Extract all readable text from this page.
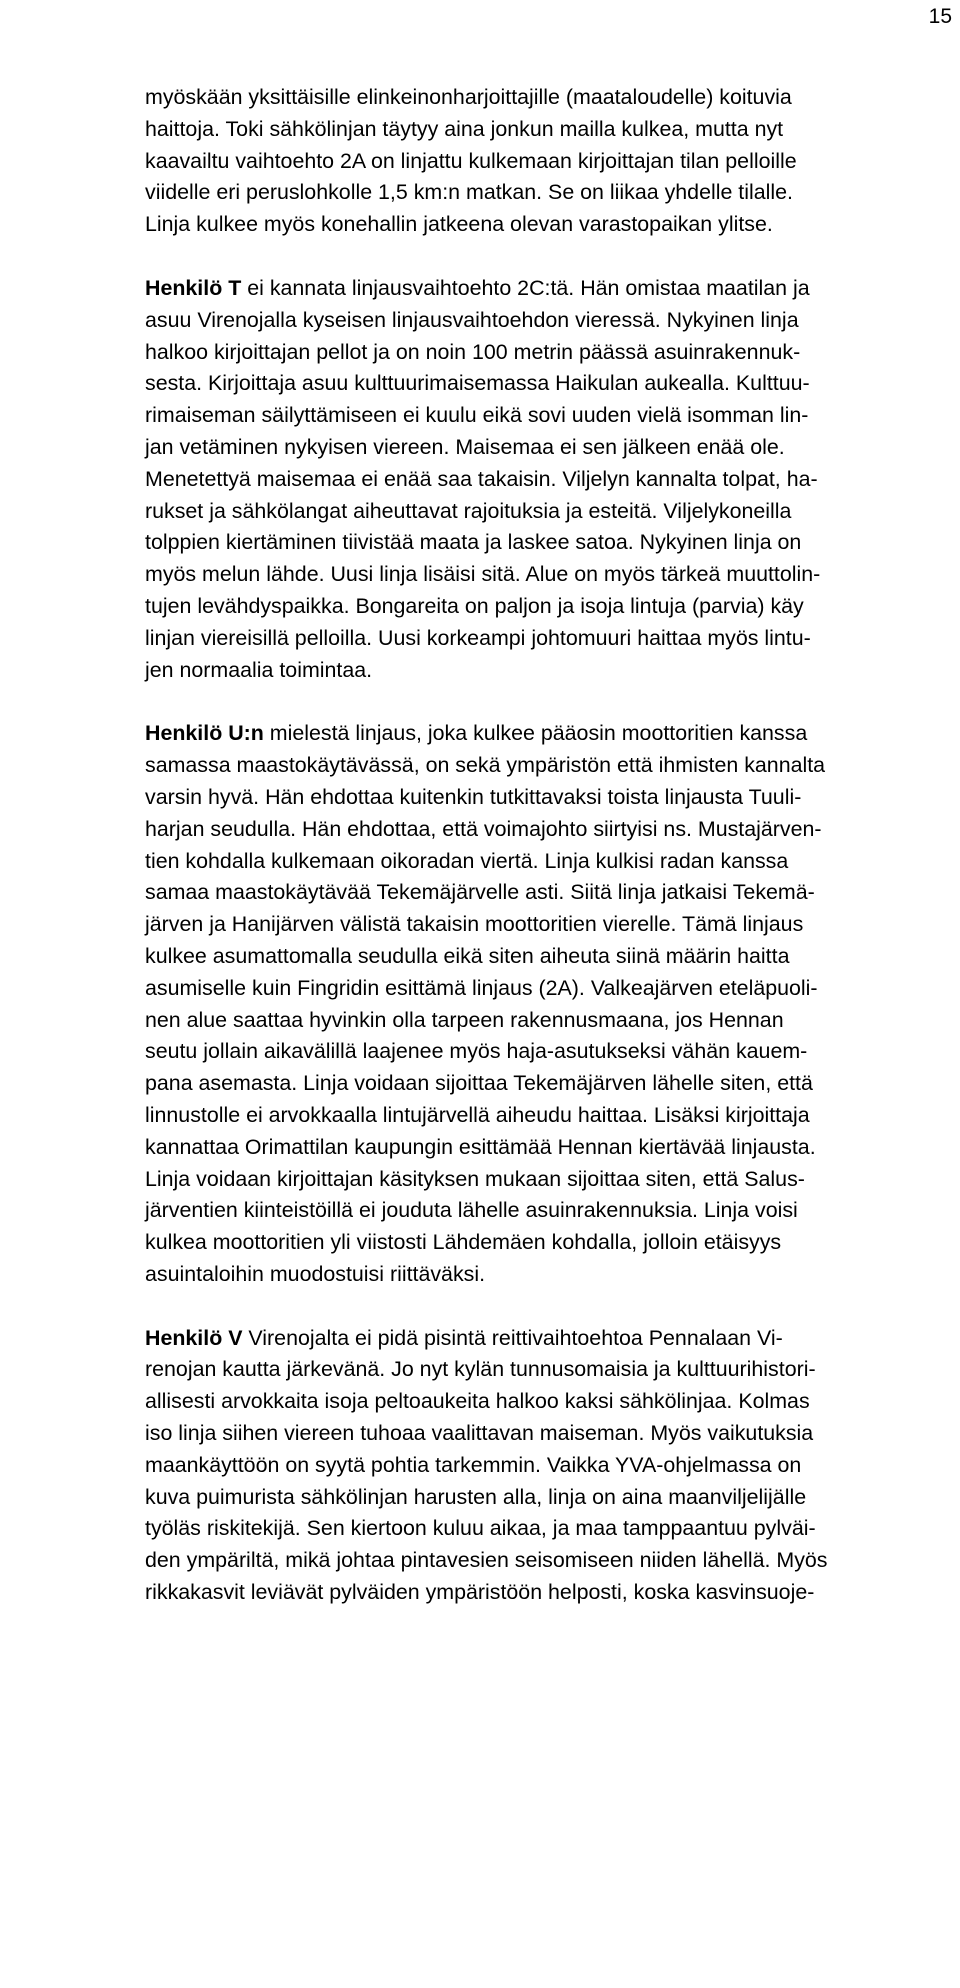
15

myöskään yksittäisille elinkeinonharjoittajille (maataloudelle) koituvia
haittoja. Toki sähkölinjan täytyy aina jonkun mailla kulkea, mutta nyt
kaavailtu vaihtoehto 2A on linjattu kulkemaan kirjoittajan tilan pelloille
viidelle eri peruslohkolle 1,5 km:n matkan. Se on liikaa yhdelle tilalle.
Linja kulkee myös konehallin jatkeena olevan varastopaikan ylitse.

Henkilö T ei kannata linjausvaihtoehto 2C:tä. Hän omistaa maatilan ja
asuu Virenojalla kyseisen linjausvaihtoehdon vieressä. Nykyinen linja
halkoo kirjoittajan pellot ja on noin 100 metrin päässä asuinrakennuk-
sesta. Kirjoittaja asuu kulttuurimaisemassa Haikulan aukealla. Kulttuu-
rimaiseman säilyttämiseen ei kuulu eikä sovi uuden vielä isomman lin-
jan vetäminen nykyisen viereen. Maisemaa ei sen jälkeen enää ole.
Menetettyä maisemaa ei enää saa takaisin. Viljelyn kannalta tolpat, ha-
rukset ja sähkölangat aiheuttavat rajoituksia ja esteitä. Viljelykoneilla
tolppien kiertäminen tiivistää maata ja laskee satoa. Nykyinen linja on
myös melun lähde. Uusi linja lisäisi sitä. Alue on myös tärkeä muuttolin-
tujen levähdyspaikka. Bongareita on paljon ja isoja lintuja (parvia) käy
linjan viereisillä pelloilla. Uusi korkeampi johtomuuri haittaa myös lintu-
jen normaalia toimintaa.

Henkilö U:n mielestä linjaus, joka kulkee pääosin moottoritien kanssa
samassa maastokäytävässä, on sekä ympäristön että ihmisten kannalta
varsin hyvä. Hän ehdottaa kuitenkin tutkittavaksi toista linjausta Tuuli-
harjan seudulla. Hän ehdottaa, että voimajohto siirtyisi ns. Mustajärven-
tien kohdalla kulkemaan oikoradan viertä. Linja kulkisi radan kanssa
samaa maastokäytävää Tekemäjärvelle asti. Siitä linja jatkaisi Tekemä-
järven ja Hanijärven välistä takaisin moottoritien vierelle. Tämä linjaus
kulkee asumattomalla seudulla eikä siten aiheuta siinä määrin haitta
asumiselle kuin Fingridin esittämä linjaus (2A). Valkeajärven eteläpuoli-
nen alue saattaa hyvinkin olla tarpeen rakennusmaana, jos Hennan
seutu jollain aikavälillä laajenee myös haja-asutukseksi vähän kauem-
pana asemasta. Linja voidaan sijoittaa Tekemäjärven lähelle siten, että
linnustolle ei arvokkaalla lintujärvellä aiheudu haittaa. Lisäksi kirjoittaja
kannattaa Orimattilan kaupungin esittämää Hennan kiertävää linjausta.
Linja voidaan kirjoittajan käsityksen mukaan sijoittaa siten, että Salus-
järventien kiinteistöillä ei jouduta lähelle asuinrakennuksia. Linja voisi
kulkea moottoritien yli viistosti Lähdemäen kohdalla, jolloin etäisyys
asuintaloihin muodostuisi riittäväksi.

Henkilö V Virenojalta ei pidä pisintä reittivaihtoehtoa Pennalaan Vi-
renojan kautta järkevänä. Jo nyt kylän tunnusomaisia ja kulttuurihistori-
allisesti arvokkaita isoja peltoaukeita halkoo kaksi sähkölinjaa. Kolmas
iso linja siihen viereen tuhoaa vaalittavan maiseman. Myös vaikutuksia
maankäyttöön on syytä pohtia tarkemmin. Vaikka YVA-ohjelmassa on
kuva puimurista sähkölinjan harusten alla, linja on aina maanviljelijälle
työläs riskitekijä. Sen kiertoon kuluu aikaa, ja maa tamppaantuu pylväi-
den ympäriltä, mikä johtaa pintavesien seisomiseen niiden lähellä. Myös
rikkakasvit leviävät pylväiden ympäristöön helposti, koska kasvinsuoje-
